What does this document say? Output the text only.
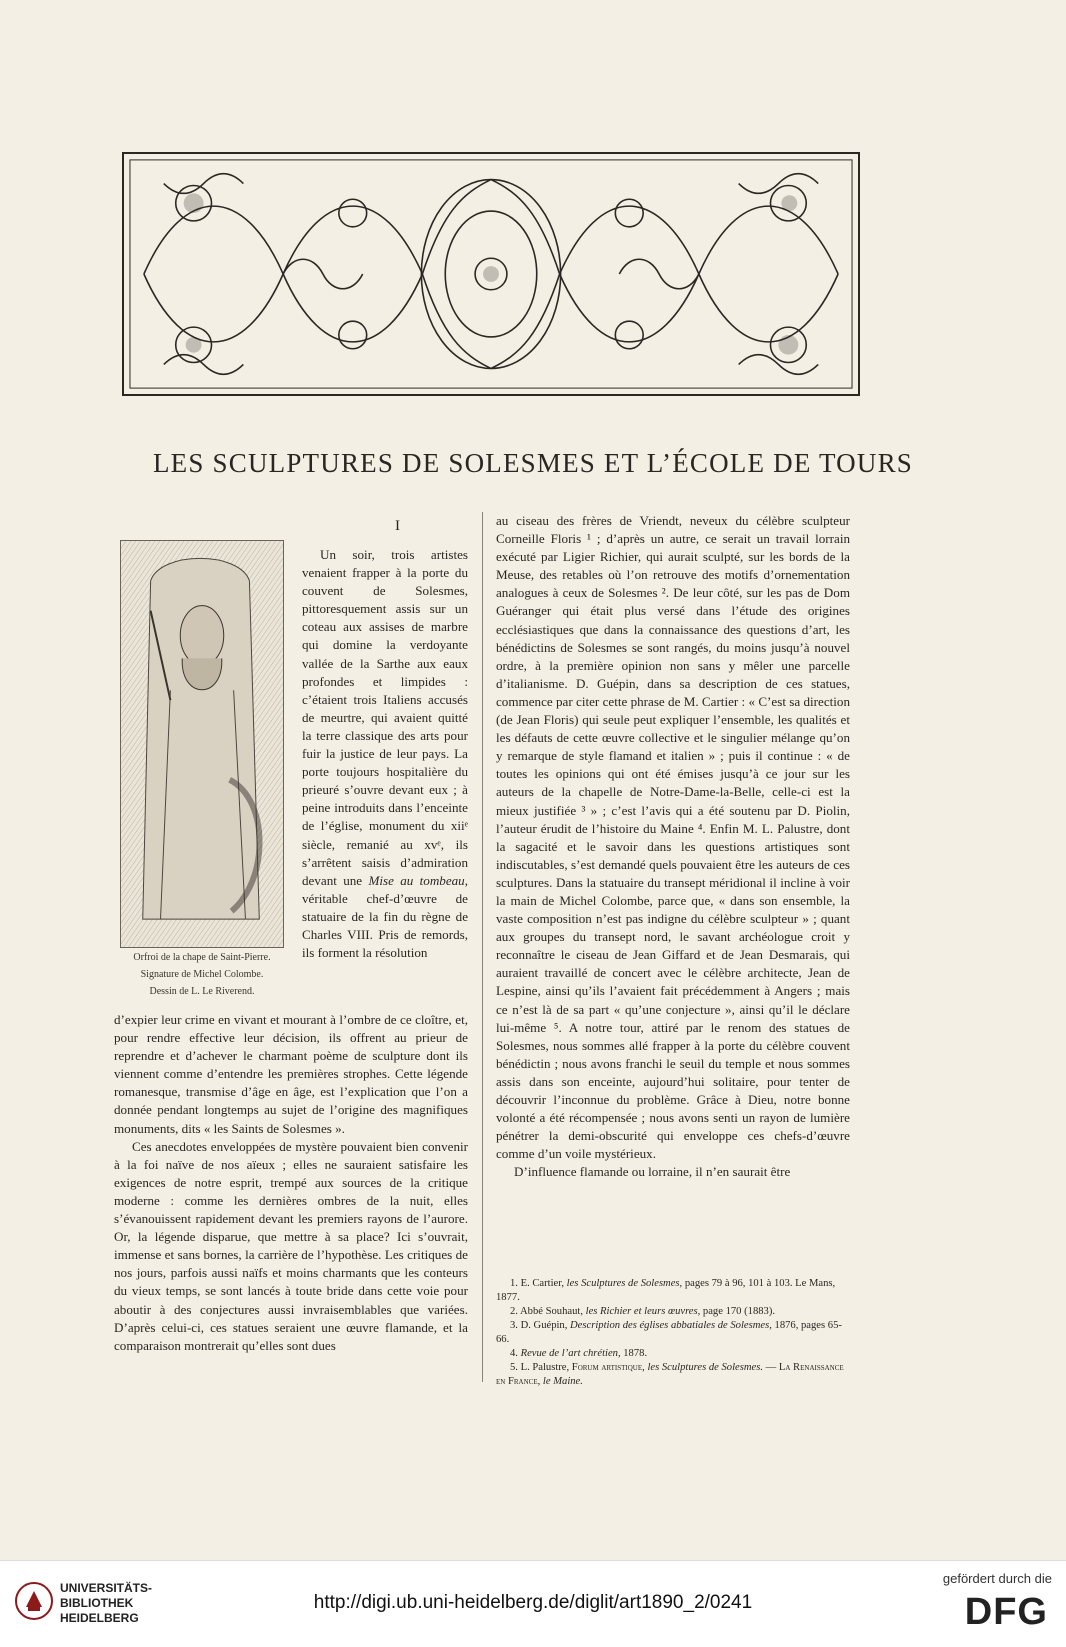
LES SCULPTURES DE SOLESMES ET L’ÉCOLE DE TOURS
I
Orfroi de la chape de Saint-Pierre.
Signature de Michel Colombe.
Dessin de L. Le Riverend.

Un soir, trois artistes venaient frapper à la porte du couvent de Solesmes, pittoresquement assis sur un coteau aux assises de marbre qui domine la verdoyante vallée de la Sarthe aux eaux profondes et limpides : c’étaient trois Italiens accusés de meurtre, qui avaient quitté la terre classique des arts pour fuir la justice de leur pays. La porte toujours hospitalière du prieuré s’ouvre devant eux ; à peine introduits dans l’enceinte de l’église, monument du xiiᵉ siècle, remanié au xvᵉ, ils s’arrêtent saisis d’admiration devant une Mise au tombeau, véritable chef-d’œuvre de statuaire de la fin du règne de Charles VIII. Pris de remords, ils forment la résolution

d’expier leur crime en vivant et mourant à l’ombre de ce cloître, et, pour rendre effective leur décision, ils offrent au prieur de reprendre et d’achever le charmant poème de sculpture dont ils viennent comme d’entendre les premières strophes. Cette légende romanesque, transmise d’âge en âge, est l’explication que l’on a donnée pendant longtemps au sujet de l’origine des magnifiques monuments, dits « les Saints de Solesmes ».

Ces anecdotes enveloppées de mystère pouvaient bien convenir à la foi naïve de nos aïeux ; elles ne sauraient satisfaire les exigences de notre esprit, trempé aux sources de la critique moderne : comme les dernières ombres de la nuit, elles s’évanouissent rapidement devant les premiers rayons de l’aurore. Or, la légende disparue, que mettre à sa place? Ici s’ouvrait, immense et sans bornes, la carrière de l’hypothèse. Les critiques de nos jours, parfois aussi naïfs et moins charmants que les conteurs du vieux temps, se sont lancés à toute bride dans cette voie pour aboutir à des conjectures aussi invraisemblables que variées. D’après celui-ci, ces statues seraient une œuvre flamande, et la comparaison montrerait qu’elles sont dues

au ciseau des frères de Vriendt, neveux du célèbre sculpteur Corneille Floris ¹ ; d’après un autre, ce serait un travail lorrain exécuté par Ligier Richier, qui aurait sculpté, sur les bords de la Meuse, des retables où l’on retrouve des motifs d’ornementation analogues à ceux de Solesmes ². De leur côté, sur les pas de Dom Guéranger qui était plus versé dans l’étude des origines ecclésiastiques que dans la connaissance des questions d’art, les bénédictins de Solesmes se sont rangés, du moins jusqu’à nouvel ordre, à la première opinion non sans y mêler une parcelle d’italianisme. D. Guépin, dans sa description de ces statues, commence par citer cette phrase de M. Cartier : « C’est sa direction (de Jean Floris) qui seule peut expliquer l’ensemble, les qualités et les défauts de cette œuvre collective et le singulier mélange qu’on y remarque de style flamand et italien » ; puis il continue : « de toutes les opinions qui ont été émises jusqu’à ce jour sur les auteurs de la chapelle de Notre-Dame-la-Belle, celle-ci est la mieux justifiée ³ » ; c’est l’avis qui a été soutenu par D. Piolin, l’auteur érudit de l’histoire du Maine ⁴. Enfin M. L. Palustre, dont la sagacité et le savoir dans les questions artistiques sont indiscutables, s’est demandé quels pouvaient être les auteurs de ces sculptures. Dans la statuaire du transept méridional il incline à voir la main de Michel Colombe, parce que, « dans son ensemble, la vaste composition n’est pas indigne du célèbre sculpteur » ; quant aux groupes du transept nord, le savant archéologue croit y reconnaître le ciseau de Jean Giffard et de Jean Desmarais, qui auraient travaillé de concert avec le célèbre architecte, Jean de Lespine, ainsi qu’ils l’avaient fait précédemment à Angers ; mais ce n’est là de sa part « qu’une conjecture », ainsi qu’il le déclare lui-même ⁵. A notre tour, attiré par le renom des statues de Solesmes, nous sommes allé frapper à la porte du célèbre couvent bénédictin ; nous avons franchi le seuil du temple et nous sommes assis dans son enceinte, aujourd’hui solitaire, pour tenter de découvrir l’inconnue du problème. Grâce à Dieu, notre bonne volonté a été récompensée ; nous avons senti un rayon de lumière pénétrer la demi-obscurité qui enveloppe ces chefs-d’œuvre comme d’un voile mystérieux.

D’influence flamande ou lorraine, il n’en saurait être

1. E. Cartier, les Sculptures de Solesmes, pages 79 à 96, 101 à 103. Le Mans, 1877.
2. Abbé Souhaut, les Richier et leurs œuvres, page 170 (1883).
3. D. Guépin, Description des églises abbatiales de Solesmes, 1876, pages 65-66.
4. Revue de l’art chrétien, 1878.
5. L. Palustre, Forum artistique, les Sculptures de Solesmes. — La Renaissance en France, le Maine.
UNIVERSITÄTS-
BIBLIOTHEK
HEIDELBERG
http://digi.ub.uni-heidelberg.de/diglit/art1890_2/0241
gefördert durch die
DFG
